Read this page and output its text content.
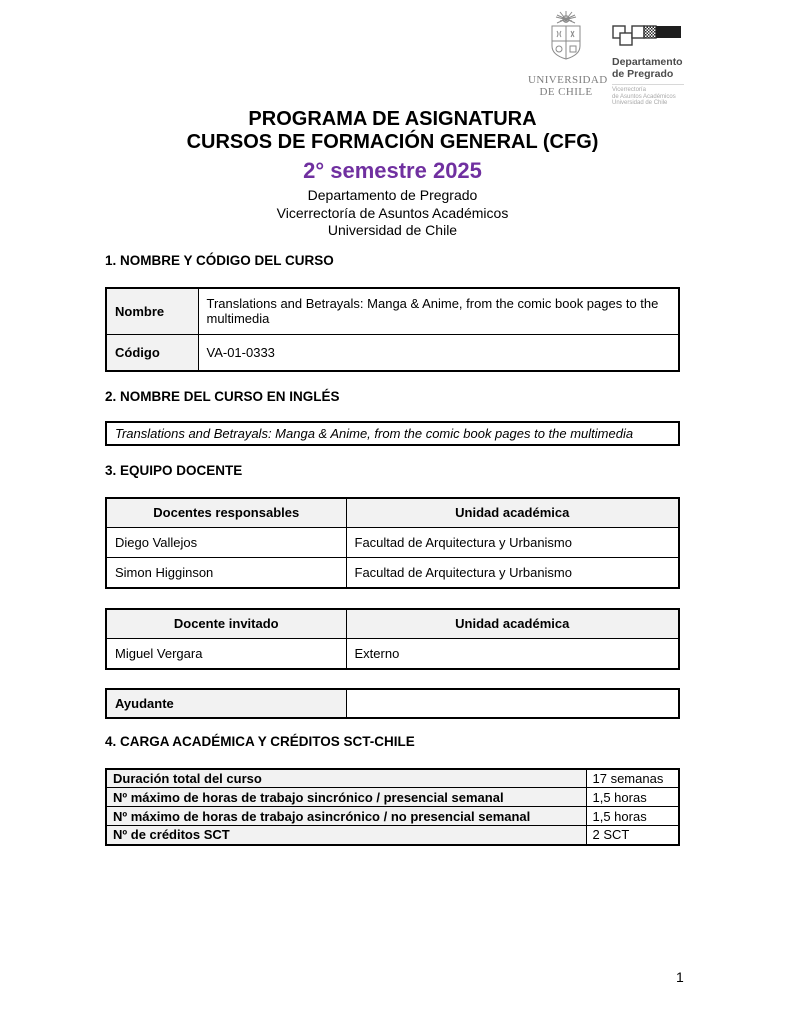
UNIVERSIDAD
DE CHILE
Departamento
de Pregrado
Vicerrectoría
de Asuntos Académicos
Universidad de Chile
PROGRAMA DE ASIGNATURA
CURSOS DE FORMACIÓN GENERAL (CFG)
2° semestre 2025
Departamento de Pregrado
Vicerrectoría de Asuntos Académicos
Universidad de Chile
1. NOMBRE Y CÓDIGO DEL CURSO
Nombre	Translations and Betrayals: Manga & Anime, from the comic book pages to the multimedia
Código	VA-01-0333
2. NOMBRE DEL CURSO EN INGLÉS
Translations and Betrayals: Manga & Anime, from the comic book pages to the multimedia
3. EQUIPO DOCENTE
Docentes responsables	Unidad académica
Diego Vallejos	Facultad de Arquitectura y Urbanismo
Simon Higginson	Facultad de Arquitectura y Urbanismo
Docente invitado	Unidad académica
Miguel Vergara	Externo
Ayudante	
4. CARGA ACADÉMICA Y CRÉDITOS SCT-CHILE
Duración total del curso	17 semanas
Nº máximo de horas de trabajo sincrónico / presencial semanal	1,5 horas
Nº máximo de horas de trabajo asincrónico / no presencial semanal	1,5 horas
Nº de créditos SCT	2 SCT
1
